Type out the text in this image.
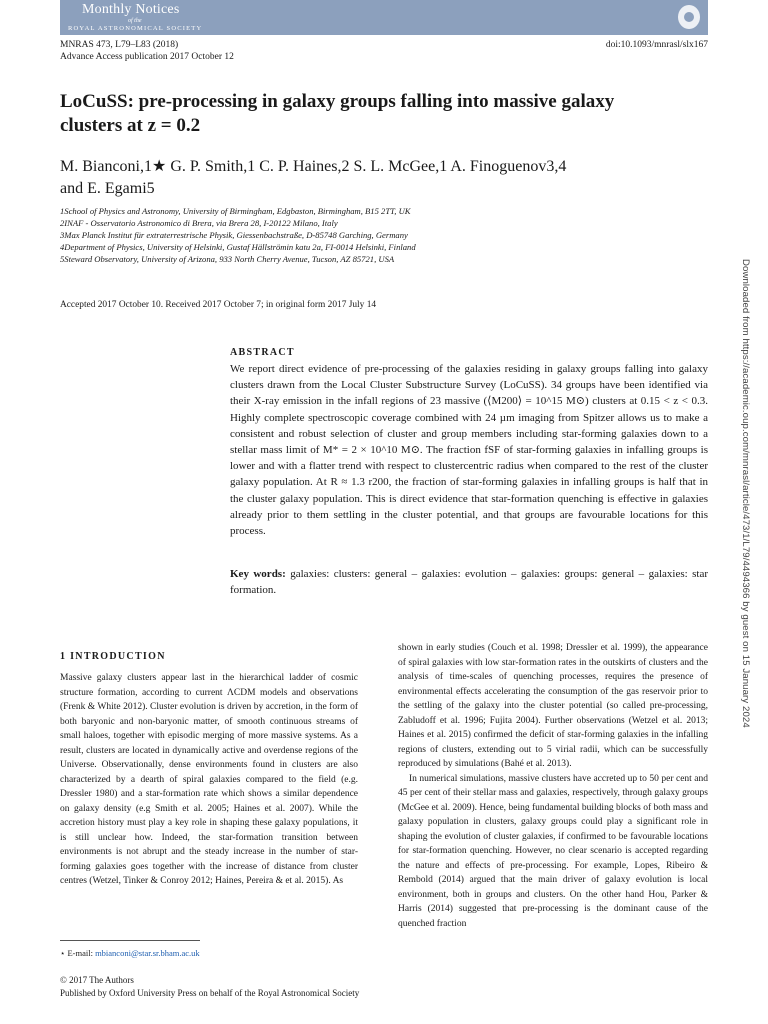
Monthly Notices
of the
ROYAL ASTRONOMICAL SOCIETY
MNRAS 473, L79–L83 (2018)
Advance Access publication 2017 October 12
doi:10.1093/mnrasl/slx167
LoCuSS: pre-processing in galaxy groups falling into massive galaxy
clusters at z = 0.2
M. Bianconi,1★ G. P. Smith,1 C. P. Haines,2 S. L. McGee,1 A. Finoguenov3,4
and E. Egami5
1School of Physics and Astronomy, University of Birmingham, Edgbaston, Birmingham, B15 2TT, UK
2INAF - Osservatorio Astronomico di Brera, via Brera 28, I-20122 Milano, Italy
3Max Planck Institut für extraterrestrische Physik, Giessenbachstraße, D-85748 Garching, Germany
4Department of Physics, University of Helsinki, Gustaf Hällströmin katu 2a, FI-0014 Helsinki, Finland
5Steward Observatory, University of Arizona, 933 North Cherry Avenue, Tucson, AZ 85721, USA
Accepted 2017 October 10. Received 2017 October 7; in original form 2017 July 14
ABSTRACT
We report direct evidence of pre-processing of the galaxies residing in galaxy groups falling into galaxy clusters drawn from the Local Cluster Substructure Survey (LoCuSS). 34 groups have been identified via their X-ray emission in the infall regions of 23 massive (⟨M200⟩ = 10^15 M⊙) clusters at 0.15 < z < 0.3. Highly complete spectroscopic coverage combined with 24 µm imaging from Spitzer allows us to make a consistent and robust selection of cluster and group members including star-forming galaxies down to a stellar mass limit of M* = 2 × 10^10 M⊙. The fraction fSF of star-forming galaxies in infalling groups is lower and with a flatter trend with respect to clustercentric radius when compared to the rest of the cluster galaxy population. At R ≈ 1.3 r200, the fraction of star-forming galaxies in infalling groups is half that in the cluster galaxy population. This is direct evidence that star-formation quenching is effective in galaxies already prior to them settling in the cluster potential, and that groups are favourable locations for this process.
Key words: galaxies: clusters: general – galaxies: evolution – galaxies: groups: general – galaxies: star formation.
1 INTRODUCTION

Massive galaxy clusters appear last in the hierarchical ladder of cosmic structure formation, according to current ΛCDM models and observations (Frenk & White 2012). Cluster evolution is driven by accretion, in the form of both baryonic and non-baryonic matter, of smooth continuous streams of small haloes, together with episodic merging of more massive systems. As a result, clusters are located in dynamically active and overdense regions of the Universe. Observationally, dense environments found in clusters are also characterized by a dearth of spiral galaxies compared to the field (e.g. Dressler 1980) and a star-formation rate which shows a similar dependence on galaxy density (e.g Smith et al. 2005; Haines et al. 2007). While the accretion history must play a key role in shaping these galaxy populations, it is still unclear how. Indeed, the star-formation transition between environments is not abrupt and the steady increase in the number of star-forming galaxies goes together with the increase of distance from cluster centres (Wetzel, Tinker & Conroy 2012; Haines, Pereira & et al. 2015). As

shown in early studies (Couch et al. 1998; Dressler et al. 1999), the appearance of spiral galaxies with low star-formation rates in the outskirts of clusters and the analysis of time-scales of quenching processes, requires the presence of environmental effects accelerating the consumption of the gas reservoir prior to the settling of the galaxy into the cluster potential (so called pre-processing, Zabludoff et al. 1996; Fujita 2004). Further observations (Wetzel et al. 2013; Haines et al. 2015) confirmed the deficit of star-forming galaxies in the infalling regions of clusters, extending out to 5 virial radii, which can be successfully reproduced by simulations (Bahé et al. 2013).

In numerical simulations, massive clusters have accreted up to 50 per cent and 45 per cent of their stellar mass and galaxies, respectively, through galaxy groups (McGee et al. 2009). Hence, being fundamental building blocks of both mass and galaxy population in clusters, galaxy groups could play a significant role in shaping the evolution of cluster galaxies, if confirmed to be favourable locations for star-formation quenching. However, no clear scenario is accepted regarding the nature and effects of pre-processing. For example, Lopes, Ribeiro & Rembold (2014) argued that the main driver of galaxy evolution is local environment, both in groups and clusters. On the other hand Hou, Parker & Harris (2014) suggested that pre-processing is the dominant cause of the quenched fraction

⋆ E-mail: mbianconi@star.sr.bham.ac.uk
© 2017 The Authors
Published by Oxford University Press on behalf of the Royal Astronomical Society
Downloaded from https://academic.oup.com/mnrasl/article/473/1/L79/4494366 by guest on 15 January 2024
